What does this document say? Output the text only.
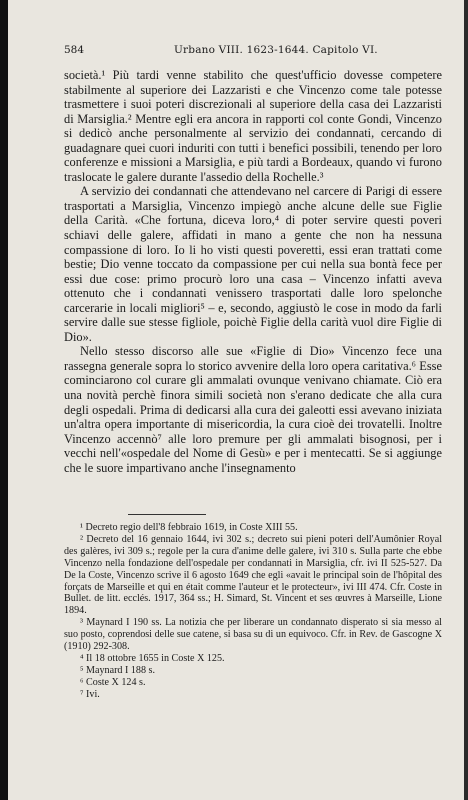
584	Urbano VIII. 1623-1644. Capitolo VI.

società.¹ Più tardi venne stabilito che quest'ufficio dovesse competere stabilmente al superiore dei Lazzaristi e che Vincenzo come tale potesse trasmettere i suoi poteri discrezionali al superiore della casa dei Lazzaristi di Marsiglia.² Mentre egli era ancora in rapporti col conte Gondi, Vincenzo si dedicò anche personalmente al servizio dei condannati, cercando di guadagnare quei cuori induriti con tutti i benefici possibili, tenendo per loro conferenze e missioni a Marsiglia, e più tardi a Bordeaux, quando vi furono traslocate le galere durante l'assedio della Rochelle.³

A servizio dei condannati che attendevano nel carcere di Parigi di essere trasportati a Marsiglia, Vincenzo impiegò anche alcune delle sue Figlie della Carità. «Che fortuna, diceva loro,⁴ di poter servire questi poveri schiavi delle galere, affidati in mano a gente che non ha nessuna compassione di loro. Io li ho visti questi poveretti, essi eran trattati come bestie; Dio venne toccato da compassione per cui nella sua bontà fece per essi due cose: primo procurò loro una casa – Vincenzo infatti aveva ottenuto che i condannati venissero trasportati dalle loro spelonche carcerarie in locali migliori⁵ – e, secondo, aggiustò le cose in modo da farli servire dalle sue stesse figliole, poichè Figlie della carità vuol dire Figlie di Dio».

Nello stesso discorso alle sue «Figlie di Dio» Vincenzo fece una rassegna generale sopra lo storico avvenire della loro opera caritativa.⁶ Esse cominciarono col curare gli ammalati ovunque venivano chiamate. Ciò era una novità perchè finora simili società non s'erano dedicate che alla cura degli ospedali. Prima di dedicarsi alla cura dei galeotti essi avevano iniziata un'altra opera importante di misericordia, la cura cioè dei trovatelli. Inoltre Vincenzo accennò⁷ alle loro premure per gli ammalati bisognosi, per i vecchi nell'«ospedale del Nome di Gesù» e per i mentecatti. Se si aggiunge che le suore impartivano anche l'insegnamento

¹ Decreto regio dell'8 febbraio 1619, in Coste XIII 55.

² Decreto del 16 gennaio 1644, ivi 302 s.; decreto sui pieni poteri dell'Aumônier Royal des galères, ivi 309 s.; regole per la cura d'anime delle galere, ivi 310 s. Sulla parte che ebbe Vincenzo nella fondazione dell'ospedale per condannati in Marsiglia, cfr. ivi II 525-527. Da De la Coste, Vincenzo scrive il 6 agosto 1649 che egli «avait le principal soin de l'hôpital des forçats de Marseille et qui en était comme l'auteur et le protecteur», ivi III 474. Cfr. Coste in Bullet. de litt. ecclés. 1917, 364 ss.; H. Simard, St. Vincent et ses œuvres à Marseille, Lione 1894.

³ Maynard I 190 ss. La notizia che per liberare un condannato disperato si sia messo al suo posto, coprendosi delle sue catene, si basa su di un equivoco. Cfr. in Rev. de Gascogne X (1910) 292-308.

⁴ Il 18 ottobre 1655 in Coste X 125.

⁵ Maynard I 188 s.

⁶ Coste X 124 s.

⁷ Ivi.
